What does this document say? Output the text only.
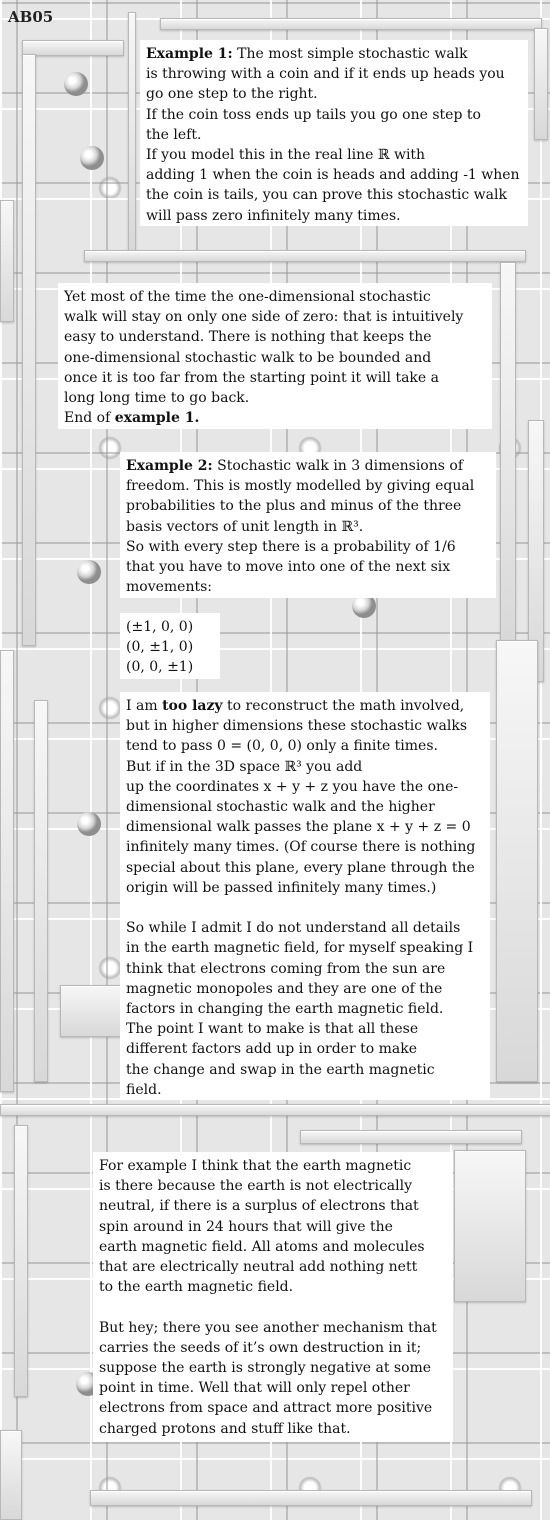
AB05
Example 1: The most simple stochastic walk
is throwing with a coin and if it ends up heads you
go one step to the right.
If the coin toss ends up tails you go one step to
the left.
If you model this in the real line ℝ with
adding 1 when the coin is heads and adding -1 when
the coin is tails, you can prove this stochastic walk
will pass zero infinitely many times.
Yet most of the time the one-dimensional stochastic
walk will stay on only one side of zero: that is intuitively
easy to understand. There is nothing that keeps the
one-dimensional stochastic walk to be bounded and
once it is too far from the starting point it will take a
long long time to go back.
End of example 1.
Example 2: Stochastic walk in 3 dimensions of
freedom. This is mostly modelled by giving equal
probabilities to the plus and minus of the three
basis vectors of unit length in ℝ³.
So with every step there is a probability of 1/6
that you have to move into one of the next six
movements:
(±1, 0, 0)
(0, ±1, 0)
(0, 0, ±1)
I am too lazy to reconstruct the math involved,
but in higher dimensions these stochastic walks
tend to pass 0 = (0, 0, 0) only a finite times.
But if in the 3D space ℝ³ you add
up the coordinates x + y + z you have the one-
dimensional stochastic walk and the higher
dimensional walk passes the plane x + y + z = 0
infinitely many times. (Of course there is nothing
special about this plane, every plane through the
origin will be passed infinitely many times.)
So while I admit I do not understand all details
in the earth magnetic field, for myself speaking I
think that electrons coming from the sun are
magnetic monopoles and they are one of the
factors in changing the earth magnetic field.
The point I want to make is that all these
different factors add up in order to make
the change and swap in the earth magnetic
field.
For example I think that the earth magnetic
is there because the earth is not electrically
neutral, if there is a surplus of electrons that
spin around in 24 hours that will give the
earth magnetic field. All atoms and molecules
that are electrically neutral add nothing nett
to the earth magnetic field.
But hey; there you see another mechanism that
carries the seeds of it’s own destruction in it;
suppose the earth is strongly negative at some
point in time. Well that will only repel other
electrons from space and attract more positive
charged protons and stuff like that.
